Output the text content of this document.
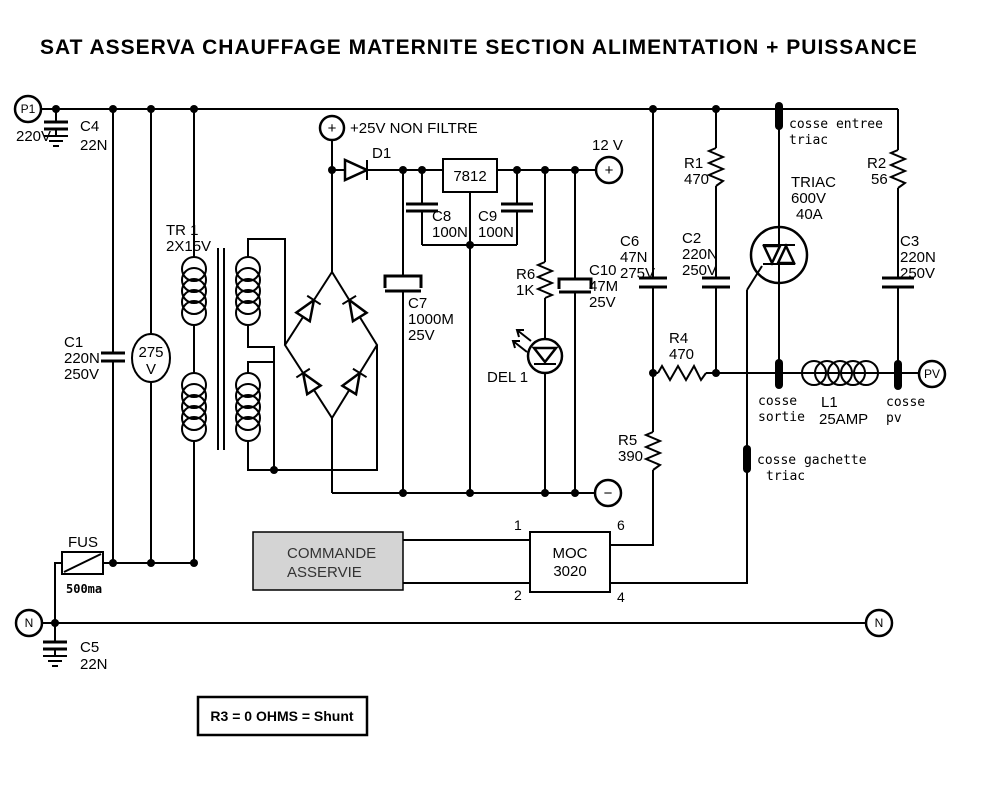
SAT ASSERVA CHAUFFAGE MATERNITE SECTION ALIMENTATION + PUISSANCE
P1
220V
C4
22N
C1
220N
250V
275
V
TR 1
2X15V
+ +25V NON FILTRE
D1
7812
C7
1000M
25V
C8
100N
C9
100N
+
12 V
R6
1K
DEL 1
C10
47M
25V
C6
47N
275V
R1
470
C2
220N
250V
TRIAC
600V
40A
R2
56
C3
220N
250V
R4
470
L1
25AMP
PV
R5
390
−
cosse entree
triac
cosse
sortie
cosse
pv
cosse gachette
triac
FUS
500ma
N	N
C5
22N
COMMANDE
ASSERVIE
MOC
3020
1
2
6
4
R3 = 0 OHMS = Shunt
